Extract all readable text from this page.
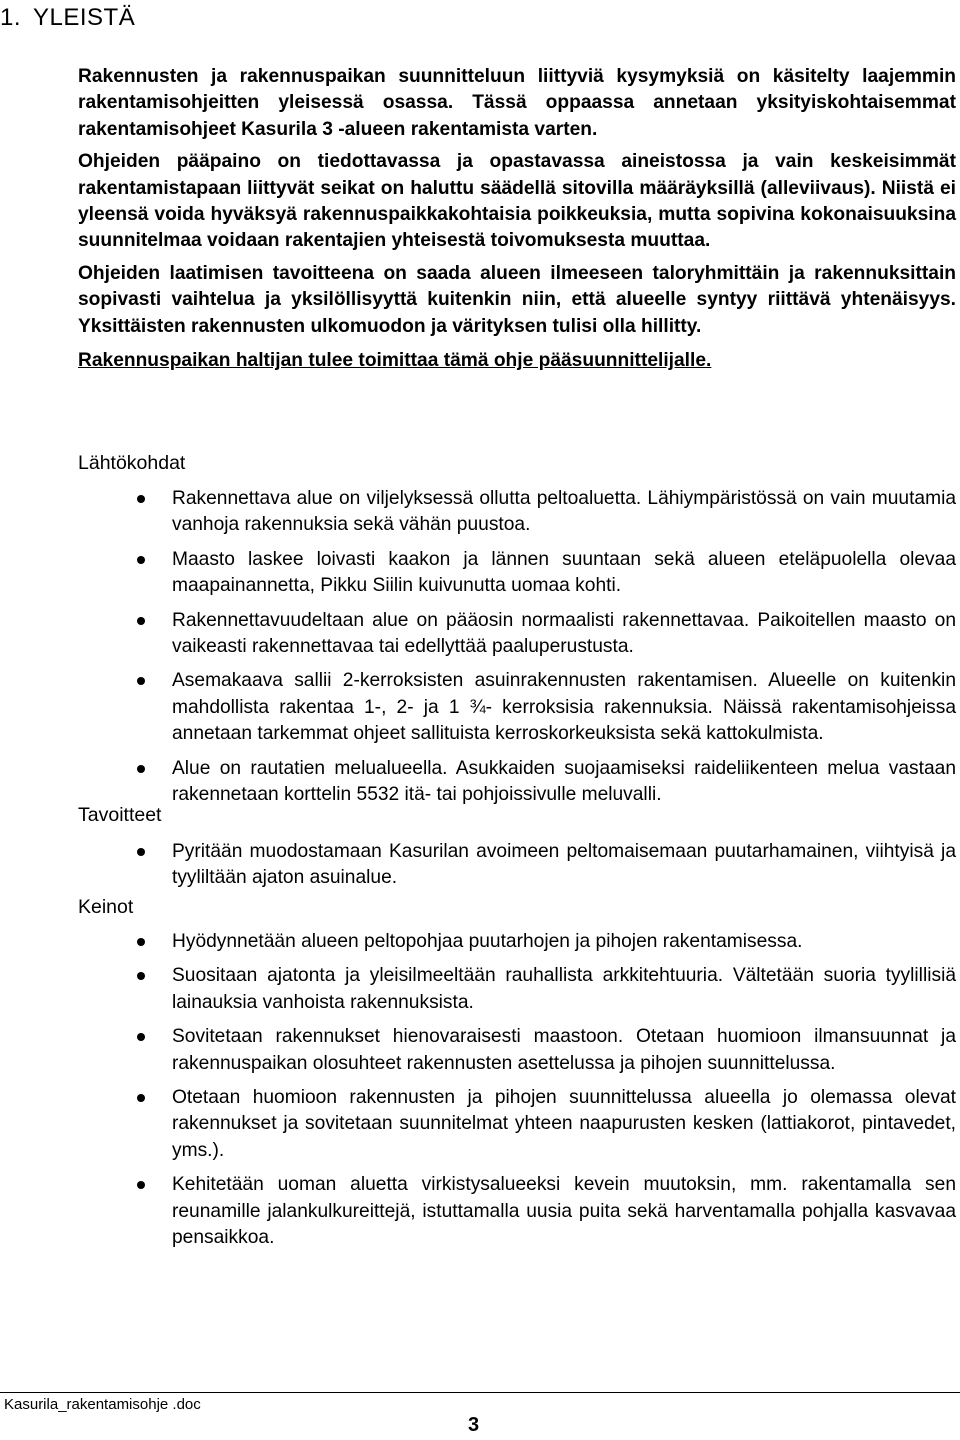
1. YLEISTÄ

Rakennusten ja rakennuspaikan suunnitteluun liittyviä kysymyksiä on käsitelty laajemmin rakentamisohjeitten yleisessä osassa. Tässä oppaassa annetaan yksityiskohtaisemmat rakentamisohjeet Kasurila 3 -alueen rakentamista varten.

Ohjeiden pääpaino on tiedottavassa ja opastavassa aineistossa ja vain keskeisimmät rakentamistapaan liittyvät seikat on haluttu säädellä sitovilla määräyksillä (alleviivaus). Niistä ei yleensä voida hyväksyä rakennuspaikkakohtaisia poikkeuksia, mutta sopivina kokonaisuuksina suunnitelmaa voidaan rakentajien yhteisestä toivomuksesta muuttaa.

Ohjeiden laatimisen tavoitteena on saada alueen ilmeeseen taloryhmittäin ja rakennuksittain sopivasti vaihtelua ja yksilöllisyyttä kuitenkin niin, että alueelle syntyy riittävä yhtenäisyys. Yksittäisten rakennusten ulkomuodon ja värityksen tulisi olla hillitty.

Rakennuspaikan haltijan tulee toimittaa tämä ohje pääsuunnittelijalle.

Lähtökohdat
Rakennettava alue on viljelyksessä ollutta peltoaluetta. Lähiympäristössä on vain muutamia vanhoja rakennuksia sekä vähän puustoa.
Maasto laskee loivasti kaakon ja lännen suuntaan sekä alueen eteläpuolella olevaa maapainannetta, Pikku Siilin kuivunutta uomaa kohti.
Rakennettavuudeltaan alue on pääosin normaalisti rakennettavaa. Paikoitellen maasto on vaikeasti rakennettavaa tai edellyttää paaluperustusta.
Asemakaava sallii 2-kerroksisten asuinrakennusten rakentamisen. Alueelle on kuitenkin mahdollista rakentaa 1-, 2- ja 1 ¾- kerroksisia rakennuksia. Näissä rakentamisohjeissa annetaan tarkemmat ohjeet sallituista kerroskorkeuksista sekä kattokulmista.
Alue on rautatien melualueella. Asukkaiden suojaamiseksi raideliikenteen melua vastaan rakennetaan korttelin 5532 itä- tai pohjoissivulle meluvalli.
Tavoitteet
Pyritään muodostamaan Kasurilan avoimeen peltomaisemaan puutarhamainen, viihtyisä ja tyyliltään ajaton asuinalue.
Keinot
Hyödynnetään alueen peltopohjaa puutarhojen ja pihojen rakentamisessa.
Suositaan ajatonta ja yleisilmeeltään rauhallista arkkitehtuuria. Vältetään suoria tyylillisiä lainauksia vanhoista rakennuksista.
Sovitetaan rakennukset hienovaraisesti maastoon. Otetaan huomioon ilmansuunnat ja rakennuspaikan olosuhteet rakennusten asettelussa ja pihojen suunnittelussa.
Otetaan huomioon rakennusten ja pihojen suunnittelussa alueella jo olemassa olevat rakennukset ja sovitetaan suunnitelmat yhteen naapurusten kesken (lattiakorot, pintavedet, yms.).
Kehitetään uoman aluetta virkistysalueeksi kevein muutoksin, mm. rakentamalla sen reunamille jalankulkureittejä, istuttamalla uusia puita sekä harventamalla pohjalla kasvavaa pensaikkoa.
Kasurila_rakentamisohje .doc
3
